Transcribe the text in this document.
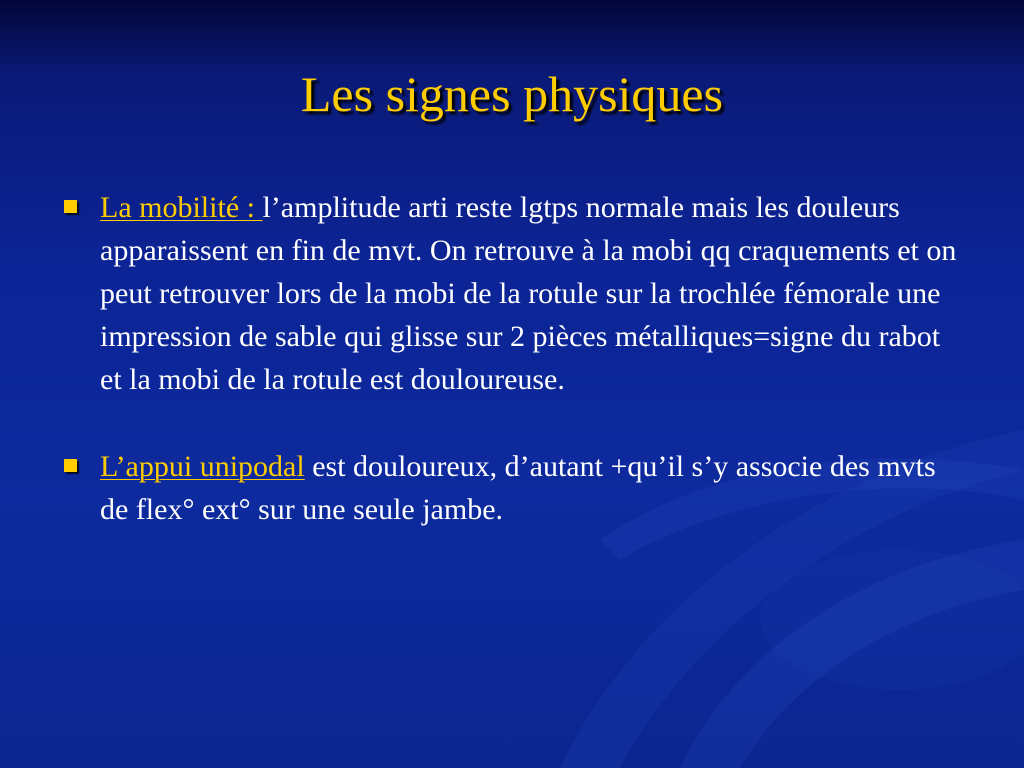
Les signes physiques
La mobilité : l’amplitude arti reste lgtps normale mais les douleurs apparaissent en fin de mvt. On retrouve à la mobi qq craquements et on peut retrouver lors de la mobi de la rotule sur la trochlée fémorale une impression de sable qui glisse sur 2 pièces métalliques=signe du rabot et la mobi de la rotule est douloureuse.
L’appui unipodal est douloureux, d’autant +qu’il s’y associe des mvts de flex° ext° sur une seule jambe.
